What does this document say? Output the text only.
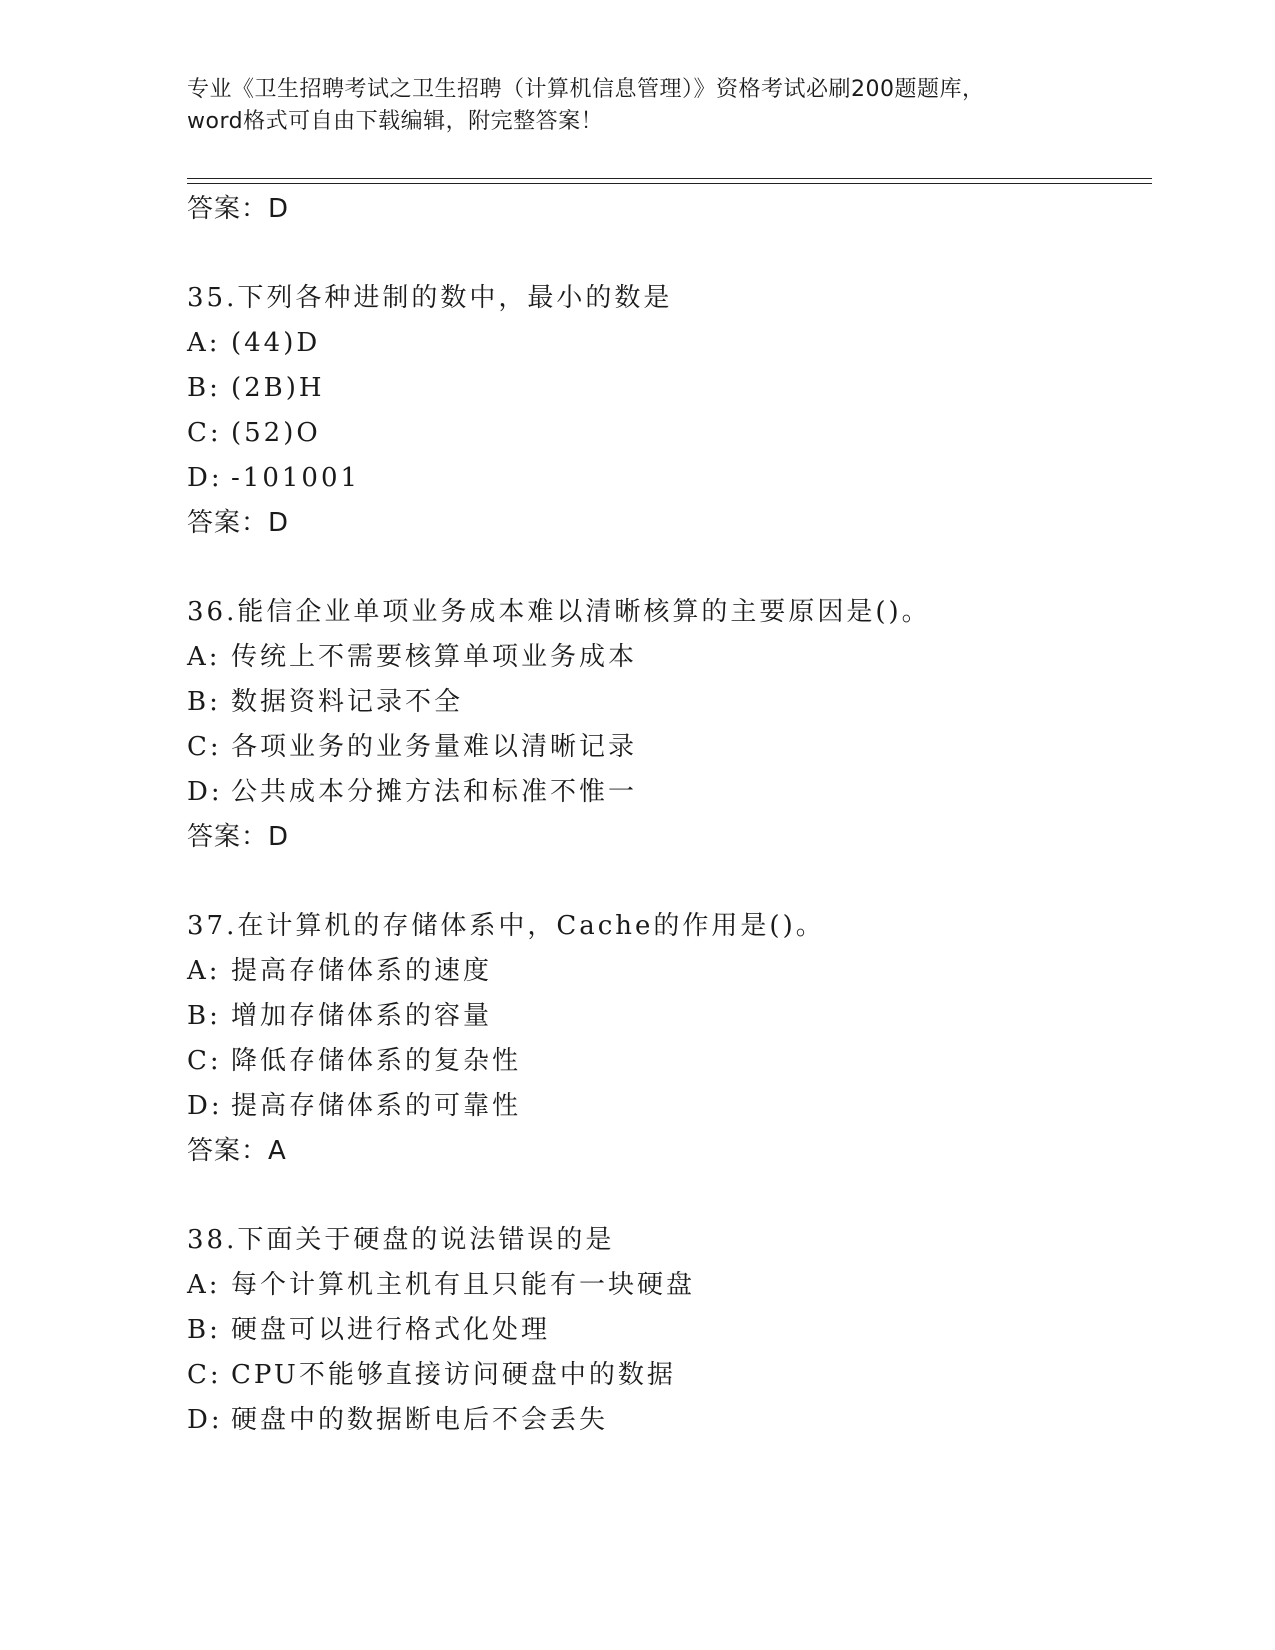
专业《卫生招聘考试之卫生招聘（计算机信息管理）》资格考试必刷200题题库，
word格式可自由下载编辑，附完整答案！
答案：D
35.下列各种进制的数中，最小的数是
A: (44)D
B: (2B)H
C: (52)O
D: -101001
答案：D
36.能信企业单项业务成本难以清晰核算的主要原因是()。
A: 传统上不需要核算单项业务成本
B: 数据资料记录不全
C: 各项业务的业务量难以清晰记录
D: 公共成本分摊方法和标准不惟一
答案：D
37.在计算机的存储体系中，Cache的作用是()。
A: 提高存储体系的速度
B: 增加存储体系的容量
C: 降低存储体系的复杂性
D: 提高存储体系的可靠性
答案：A
38.下面关于硬盘的说法错误的是
A: 每个计算机主机有且只能有一块硬盘
B: 硬盘可以进行格式化处理
C: CPU不能够直接访问硬盘中的数据
D: 硬盘中的数据断电后不会丢失
